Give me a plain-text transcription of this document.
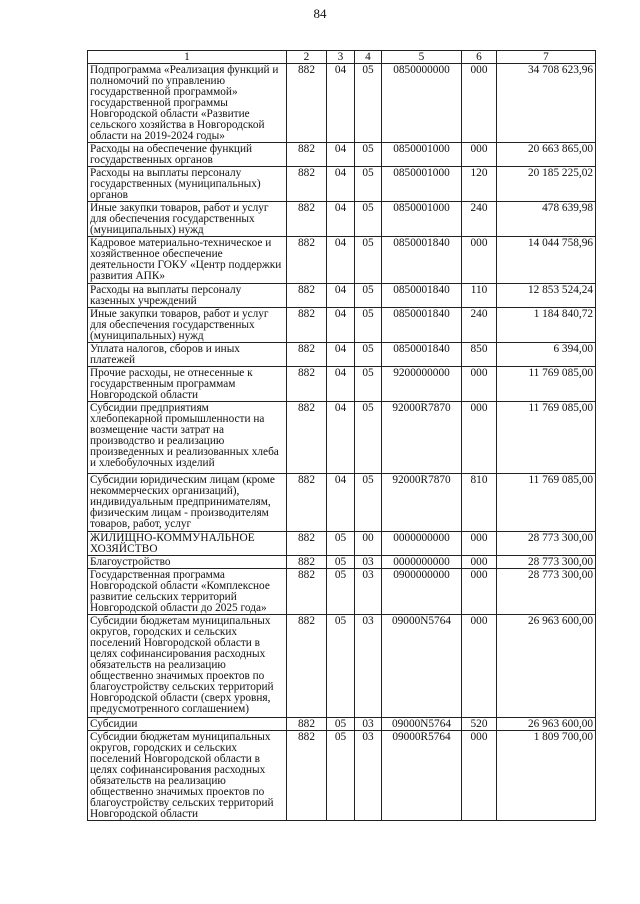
84
1	2	3	4	5	6	7
Подпрограмма «Реализация функций и полномочий по управлению государственной программой» государственной программы Новгородской области «Развитие сельского хозяйства в Новгородской области на 2019-2024 годы»	882	04	05	0850000000	000	34 708 623,96
Расходы на обеспечение функций государственных органов	882	04	05	0850001000	000	20 663 865,00
Расходы на выплаты персоналу государственных (муниципальных) органов	882	04	05	0850001000	120	20 185 225,02
Иные закупки товаров, работ и услуг для обеспечения государственных (муниципальных) нужд	882	04	05	0850001000	240	478 639,98
Кадровое материально-техническое и хозяйственное обеспечение деятельности ГОКУ «Центр поддержки развития АПК»	882	04	05	0850001840	000	14 044 758,96
Расходы на выплаты персоналу казенных учреждений	882	04	05	0850001840	110	12 853 524,24
Иные закупки товаров, работ и услуг для обеспечения государственных (муниципальных) нужд	882	04	05	0850001840	240	1 184 840,72
Уплата налогов, сборов и иных платежей	882	04	05	0850001840	850	6 394,00
Прочие расходы, не отнесенные к государственным программам Новгородской области	882	04	05	9200000000	000	11 769 085,00
Субсидии предприятиям хлебопекарной промышленности на возмещение части затрат на производство и реализацию произведенных и реализованных хлеба и хлебобулочных изделий	882	04	05	92000R7870	000	11 769 085,00
Субсидии юридическим лицам (кроме некоммерческих организаций), индивидуальным предпринимателям, физическим лицам - производителям товаров, работ, услуг	882	04	05	92000R7870	810	11 769 085,00
ЖИЛИЩНО-КОММУНАЛЬНОЕ ХОЗЯЙСТВО	882	05	00	0000000000	000	28 773 300,00
Благоустройство	882	05	03	0000000000	000	28 773 300,00
Государственная программа Новгородской области «Комплексное развитие сельских территорий Новгородской области до 2025 года»	882	05	03	0900000000	000	28 773 300,00
Субсидии бюджетам муниципальных округов, городских и сельских поселений Новгородской области в целях софинансирования расходных обязательств на реализацию общественно значимых проектов по благоустройству сельских территорий Новгородской области (сверх уровня, предусмотренного соглашением)	882	05	03	09000N5764	000	26 963 600,00
Субсидии	882	05	03	09000N5764	520	26 963 600,00
Субсидии бюджетам муниципальных округов, городских и сельских поселений Новгородской области в целях софинансирования расходных обязательств на реализацию общественно значимых проектов по благоустройству сельских территорий Новгородской области	882	05	03	09000R5764	000	1 809 700,00
